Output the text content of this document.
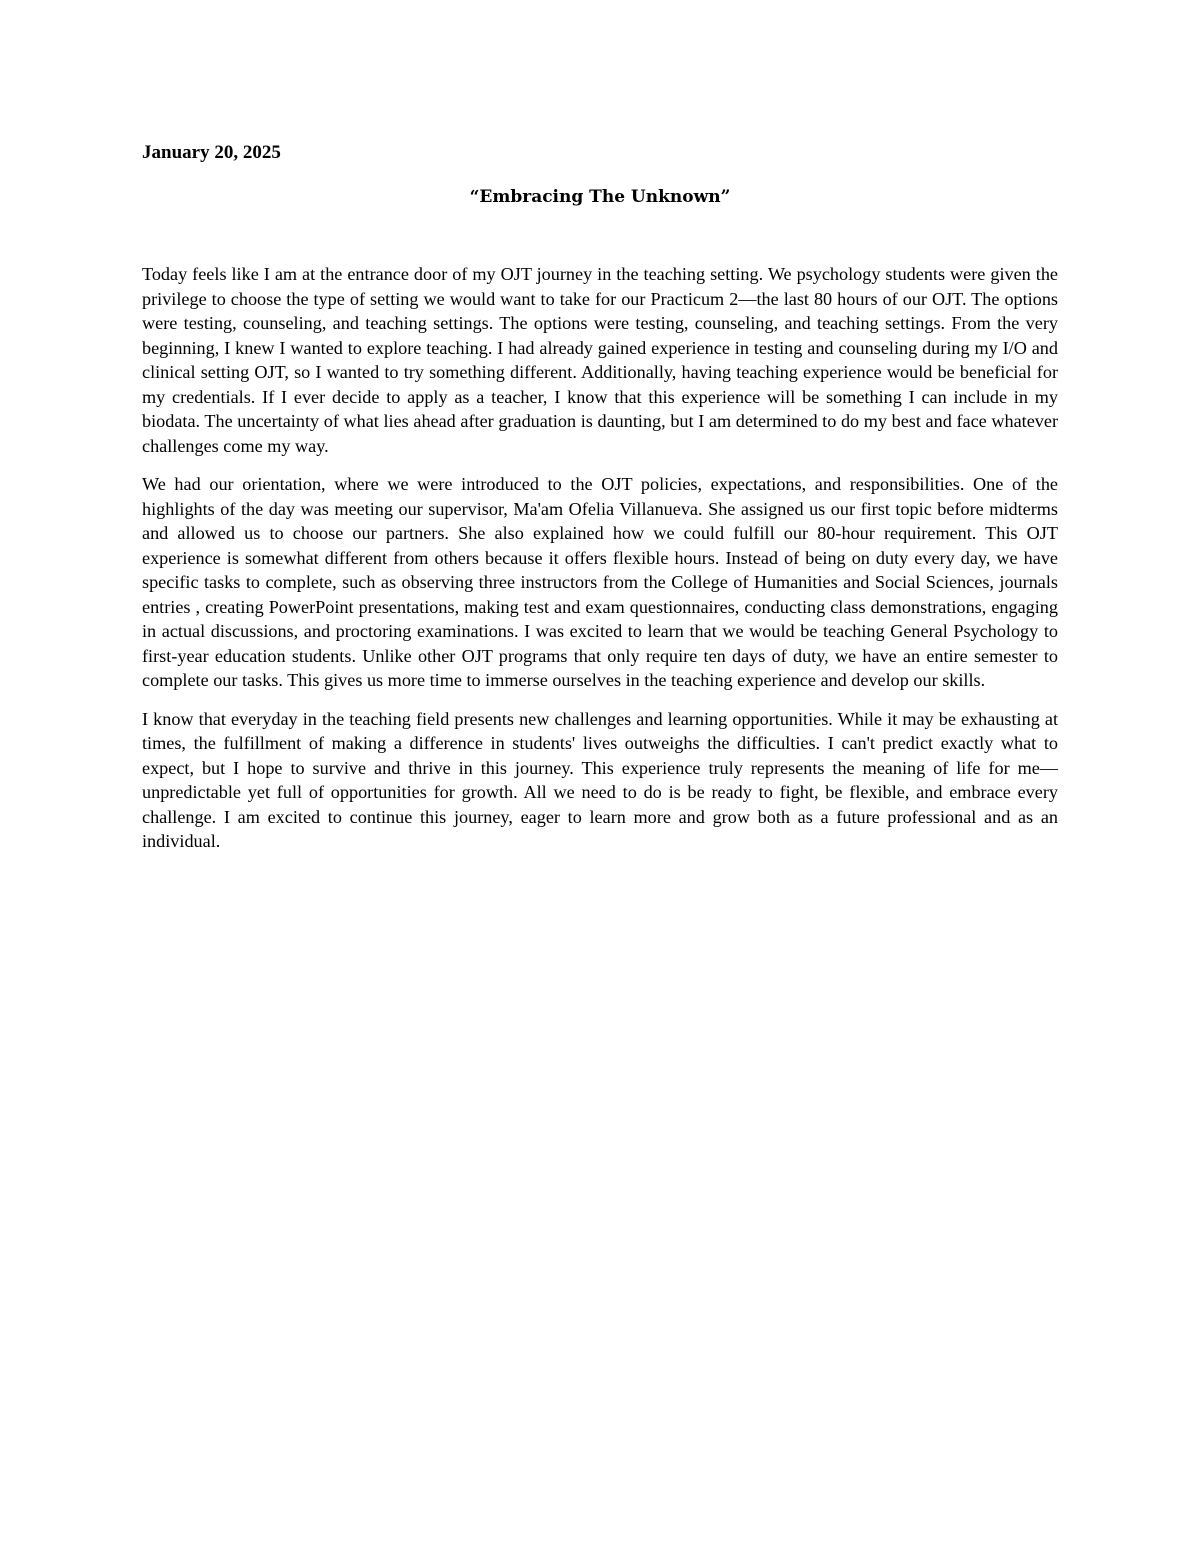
January 20, 2025

“Embracing The Unknown”

Today feels like I am at the entrance door of my OJT journey in the teaching setting. We psychology students were given the privilege to choose the type of setting we would want to take for our Practicum 2—the last 80 hours of our OJT. The options were testing, counseling, and teaching settings. The options were testing, counseling, and teaching settings. From the very beginning, I knew I wanted to explore teaching. I had already gained experience in testing and counseling during my I/O and clinical setting OJT, so I wanted to try something different. Additionally, having teaching experience would be beneficial for my credentials. If I ever decide to apply as a teacher, I know that this experience will be something I can include in my biodata. The uncertainty of what lies ahead after graduation is daunting, but I am determined to do my best and face whatever challenges come my way.

We had our orientation, where we were introduced to the OJT policies, expectations, and responsibilities. One of the highlights of the day was meeting our supervisor, Ma'am Ofelia Villanueva. She assigned us our first topic before midterms and allowed us to choose our partners. She also explained how we could fulfill our 80-hour requirement. This OJT experience is somewhat different from others because it offers flexible hours. Instead of being on duty every day, we have specific tasks to complete, such as observing three instructors from the College of Humanities and Social Sciences, journals entries , creating PowerPoint presentations, making test and exam questionnaires, conducting class demonstrations, engaging in actual discussions, and proctoring examinations. I was excited to learn that we would be teaching General Psychology to first-year education students. Unlike other OJT programs that only require ten days of duty, we have an entire semester to complete our tasks. This gives us more time to immerse ourselves in the teaching experience and develop our skills.

I know that everyday in the teaching field presents new challenges and learning opportunities. While it may be exhausting at times, the fulfillment of making a difference in students' lives outweighs the difficulties. I can't predict exactly what to expect, but I hope to survive and thrive in this journey. This experience truly represents the meaning of life for me—unpredictable yet full of opportunities for growth. All we need to do is be ready to fight, be flexible, and embrace every challenge. I am excited to continue this journey, eager to learn more and grow both as a future professional and as an individual.
